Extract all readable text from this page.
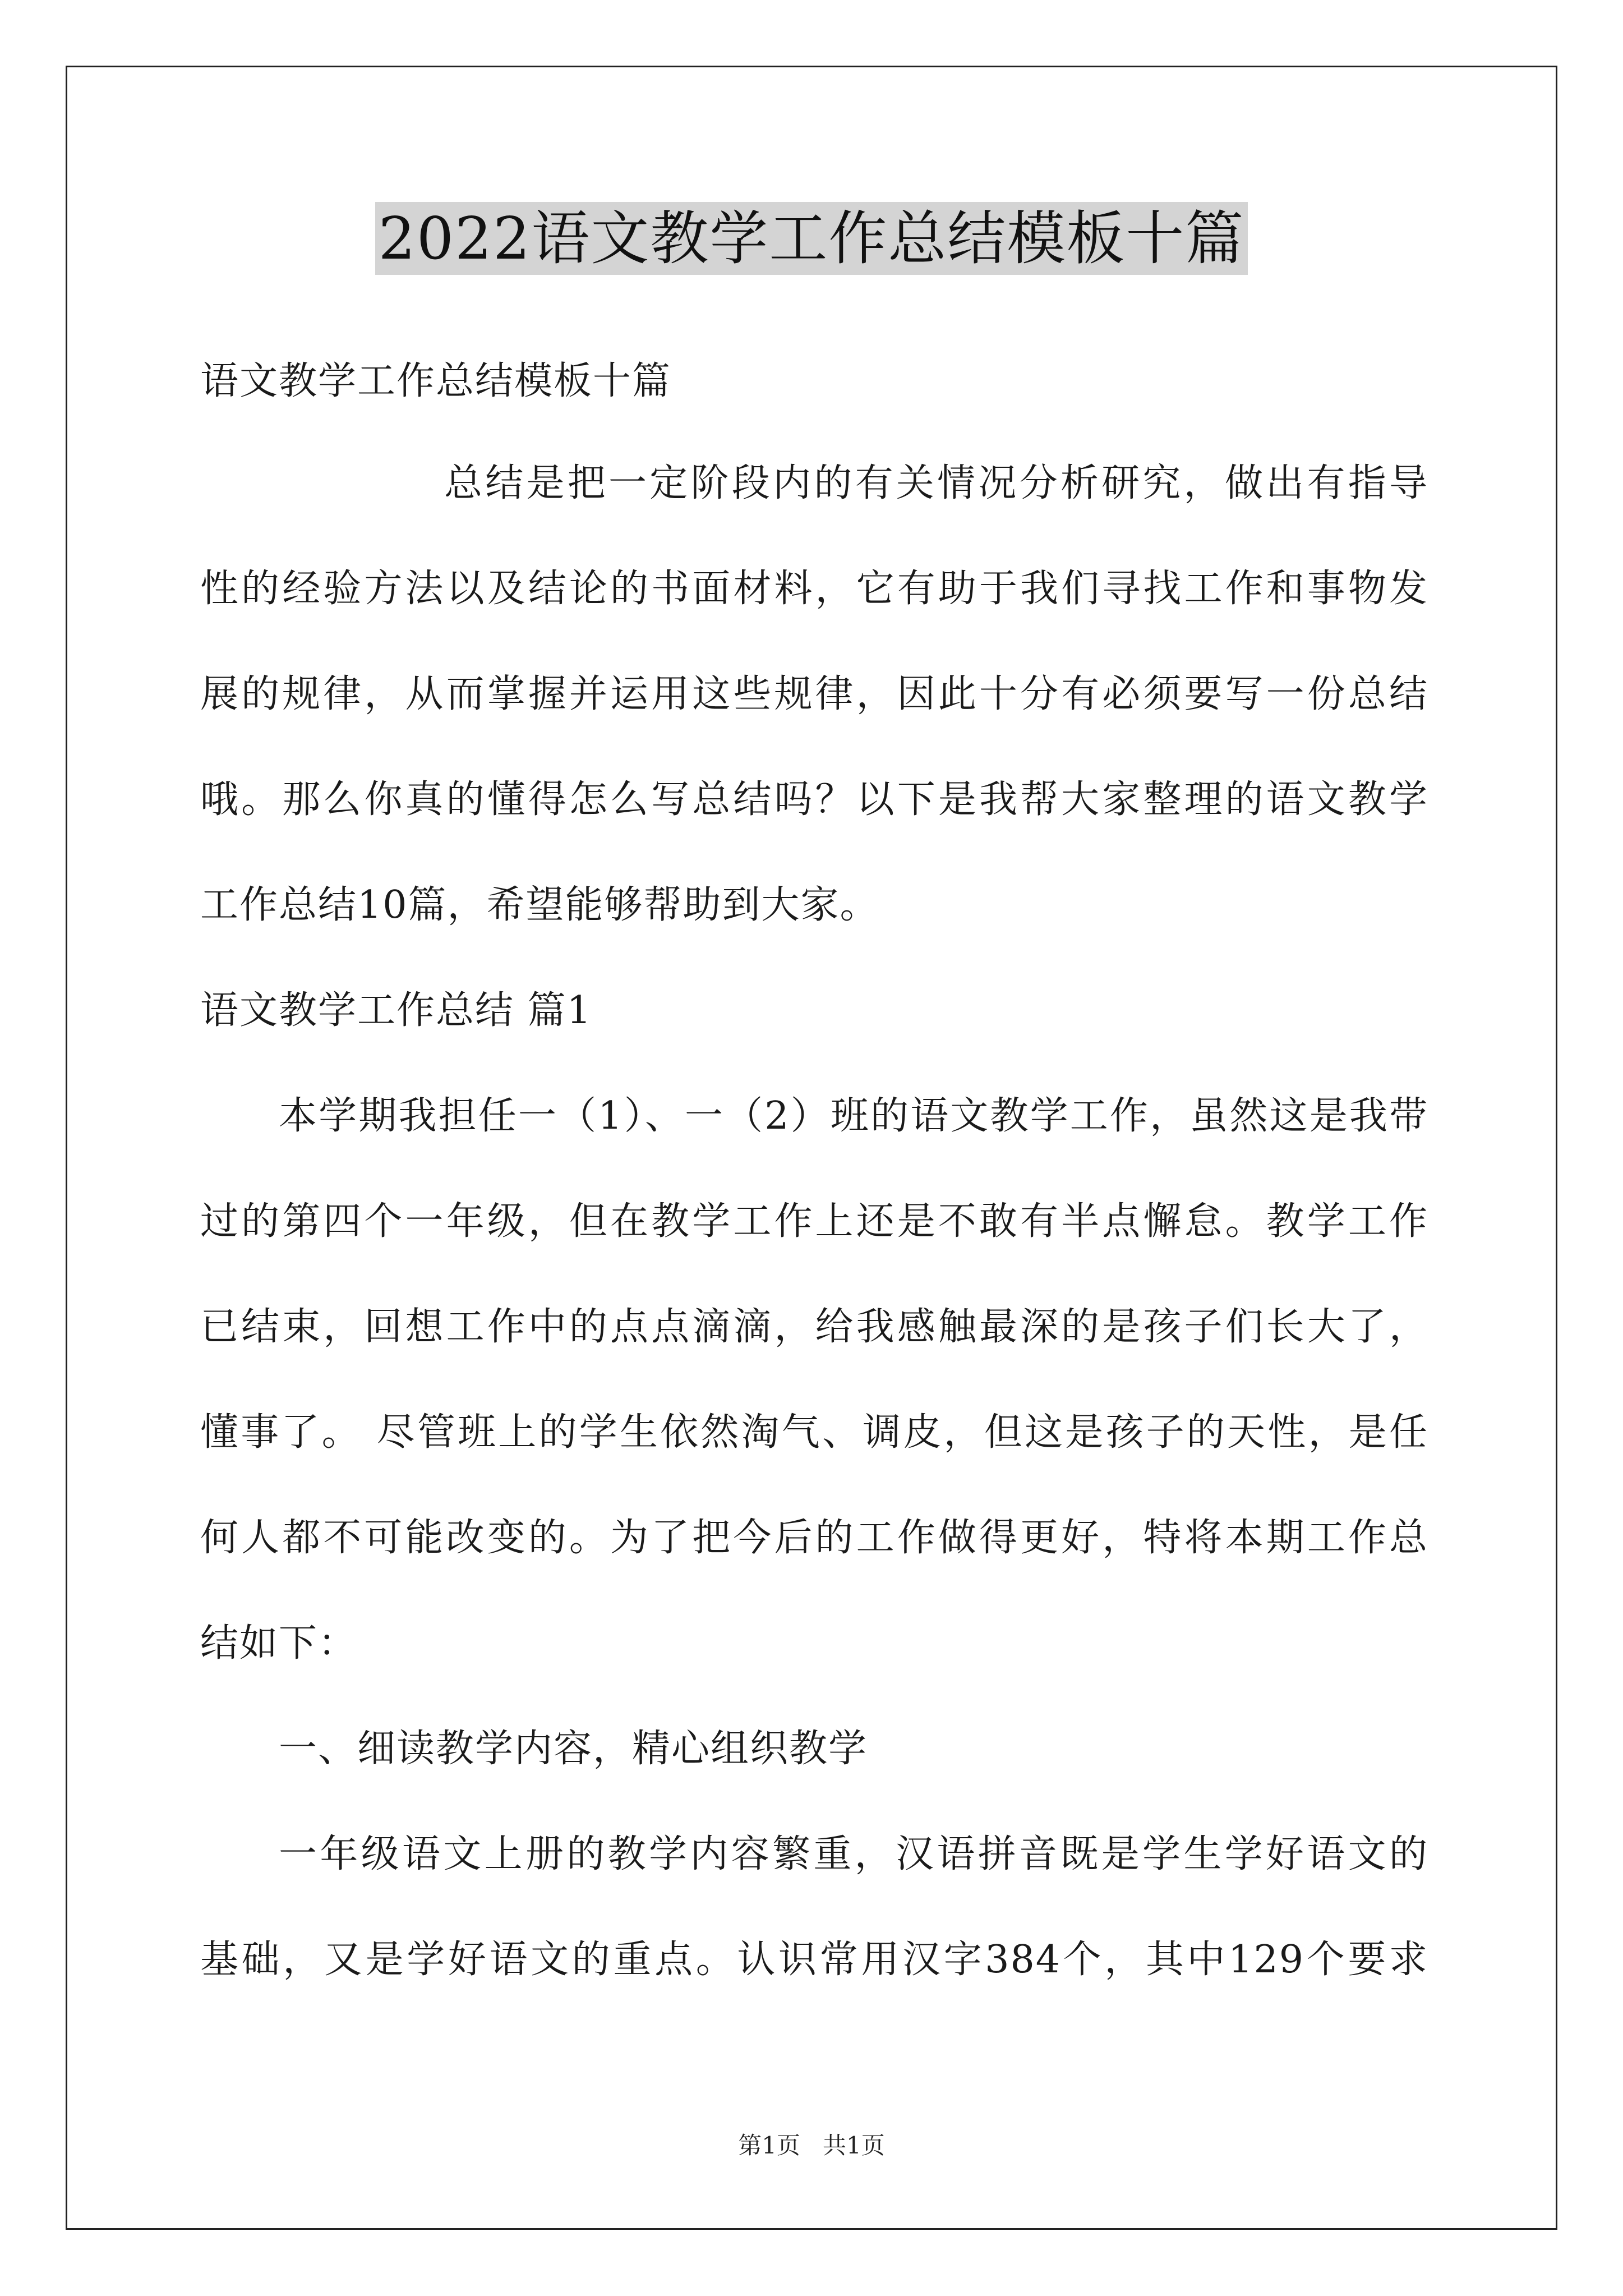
2022语文教学工作总结模板十篇
语文教学工作总结模板十篇
总结是把一定阶段内的有关情况分析研究，做出有指导
性的经验方法以及结论的书面材料，它有助于我们寻找工作和事物发
展的规律，从而掌握并运用这些规律，因此十分有必须要写一份总结
哦。那么你真的懂得怎么写总结吗？以下是我帮大家整理的语文教学
工作总结10篇，希望能够帮助到大家。
语文教学工作总结 篇1
本学期我担任一（1）、一（2）班的语文教学工作，虽然这是我带
过的第四个一年级，但在教学工作上还是不敢有半点懈怠。教学工作
已结束，回想工作中的点点滴滴，给我感触最深的是孩子们长大了，
懂事了。 尽管班上的学生依然淘气、调皮，但这是孩子的天性，是任
何人都不可能改变的。为了把今后的工作做得更好，特将本期工作总
结如下：
一、细读教学内容，精心组织教学
一年级语文上册的教学内容繁重，汉语拼音既是学生学好语文的
基础，又是学好语文的重点。认识常用汉字384个，其中129个要求
第1页 共1页
